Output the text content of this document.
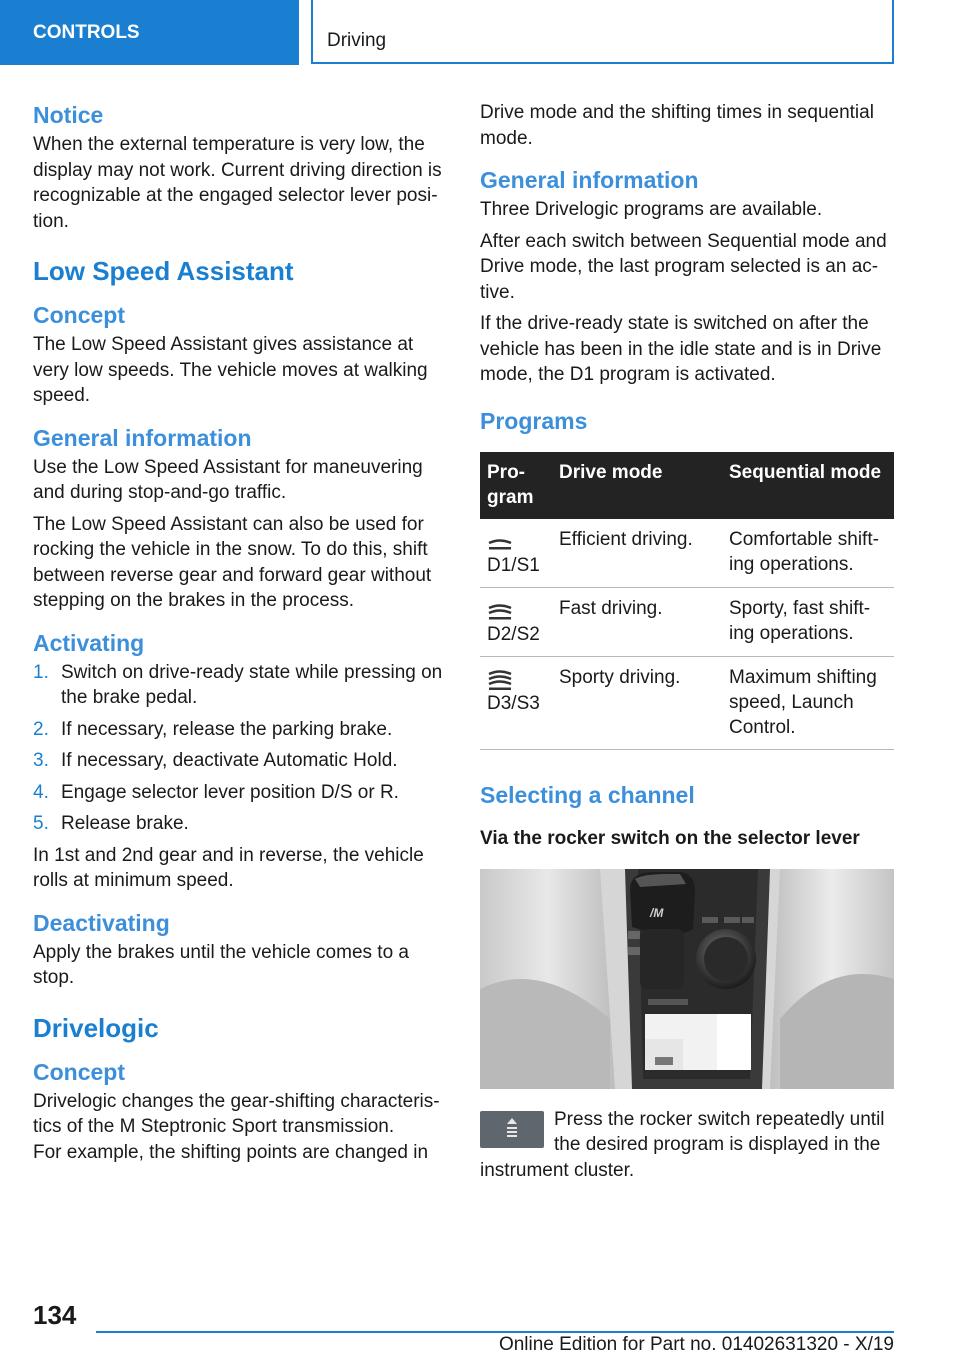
CONTROLS	Driving
Notice

When the external temperature is very low, the display may not work. Current driving direction is recognizable at the engaged selector lever posi-tion.

Low Speed Assistant
Concept

The Low Speed Assistant gives assistance at very low speeds. The vehicle moves at walking speed.

General information

Use the Low Speed Assistant for maneuvering and during stop-and-go traffic.

The Low Speed Assistant can also be used for rocking the vehicle in the snow. To do this, shift between reverse gear and forward gear without stepping on the brakes in the process.

Activating
1. Switch on drive-ready state while pressing on the brake pedal.
2. If necessary, release the parking brake.
3. If necessary, deactivate Automatic Hold.
4. Engage selector lever position D/S or R.
5. Release brake.

In 1st and 2nd gear and in reverse, the vehicle rolls at minimum speed.

Deactivating

Apply the brakes until the vehicle comes to a stop.

Drivelogic
Concept

Drivelogic changes the gear-shifting characteris-tics of the M Steptronic Sport transmission.

For example, the shifting points are changed in

Drive mode and the shifting times in sequential mode.

General information

Three Drivelogic programs are available.

After each switch between Sequential mode and Drive mode, the last program selected is an ac-tive.

If the drive-ready state is switched on after the vehicle has been in the idle state and is in Drive mode, the D1 program is activated.

Programs
Pro-gram	Drive mode	Sequential mode

D1/S1	Efficient driving.	Comfortable shift-ing operations.

D2/S2	Fast driving.	Sporty, fast shift-ing operations.

D3/S3	Sporty driving.	Maximum shifting speed, Launch Control.
Selecting a channel
Via the rocker switch on the selector lever
/M

Press the rocker switch repeatedly until the desired program is displayed in the instrument cluster.

134
Online Edition for Part no. 01402631320 - X/19
